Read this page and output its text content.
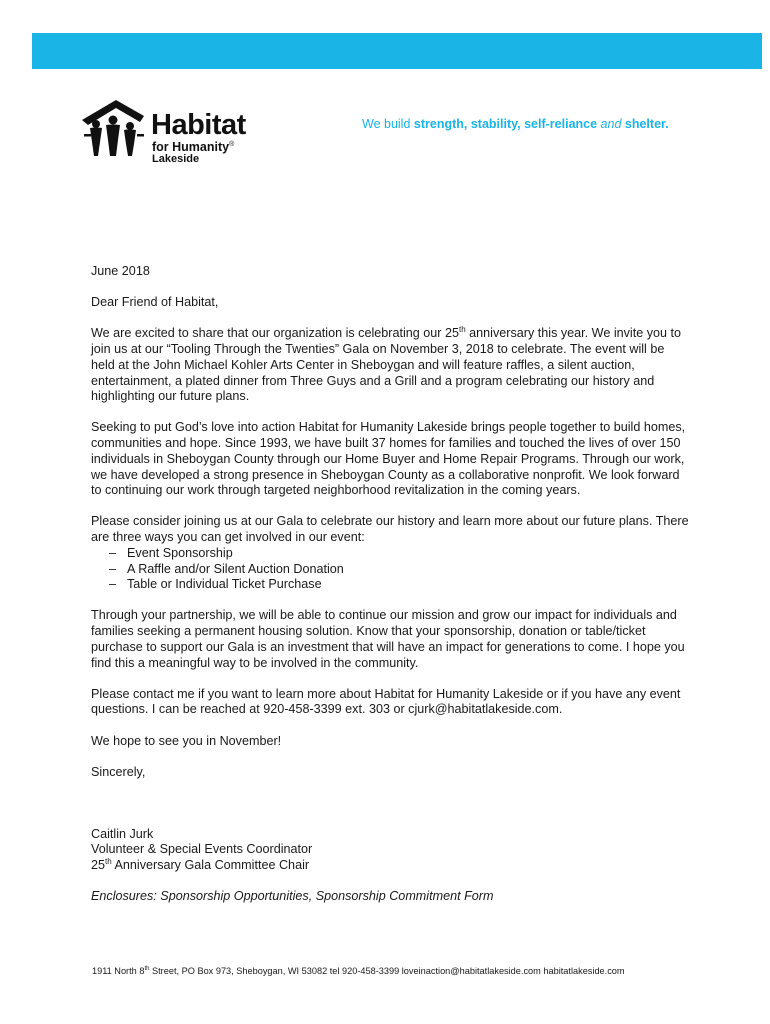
Habitat
for Humanity®
Lakeside
We build strength, stability, self-reliance and shelter.

June 2018

Dear Friend of Habitat,

We are excited to share that our organization is celebrating our 25th anniversary this year. We invite you to join us at our “Tooling Through the Twenties” Gala on November 3, 2018 to celebrate. The event will be held at the John Michael Kohler Arts Center in Sheboygan and will feature raffles, a silent auction, entertainment, a plated dinner from Three Guys and a Grill and a program celebrating our history and highlighting our future plans.

Seeking to put God’s love into action Habitat for Humanity Lakeside brings people together to build homes, communities and hope. Since 1993, we have built 37 homes for families and touched the lives of over 150 individuals in Sheboygan County through our Home Buyer and Home Repair Programs. Through our work, we have developed a strong presence in Sheboygan County as a collaborative nonprofit. We look forward to continuing our work through targeted neighborhood revitalization in the coming years.

Please consider joining us at our Gala to celebrate our history and learn more about our future plans. There are three ways you can get involved in our event:

– Event Sponsorship
– A Raffle and/or Silent Auction Donation
– Table or Individual Ticket Purchase

Through your partnership, we will be able to continue our mission and grow our impact for individuals and families seeking a permanent housing solution. Know that your sponsorship, donation or table/ticket purchase to support our Gala is an investment that will have an impact for generations to come. I hope you find this a meaningful way to be involved in the community.

Please contact me if you want to learn more about Habitat for Humanity Lakeside or if you have any event questions. I can be reached at 920-458-3399 ext. 303 or cjurk@habitatlakeside.com.

We hope to see you in November!

Sincerely,

Caitlin Jurk

Volunteer & Special Events Coordinator

25th Anniversary Gala Committee Chair

Enclosures: Sponsorship Opportunities, Sponsorship Commitment Form

1911 North 8th Street, PO Box 973, Sheboygan, WI 53082 tel 920-458-3399 loveinaction@habitatlakeside.com habitatlakeside.com
